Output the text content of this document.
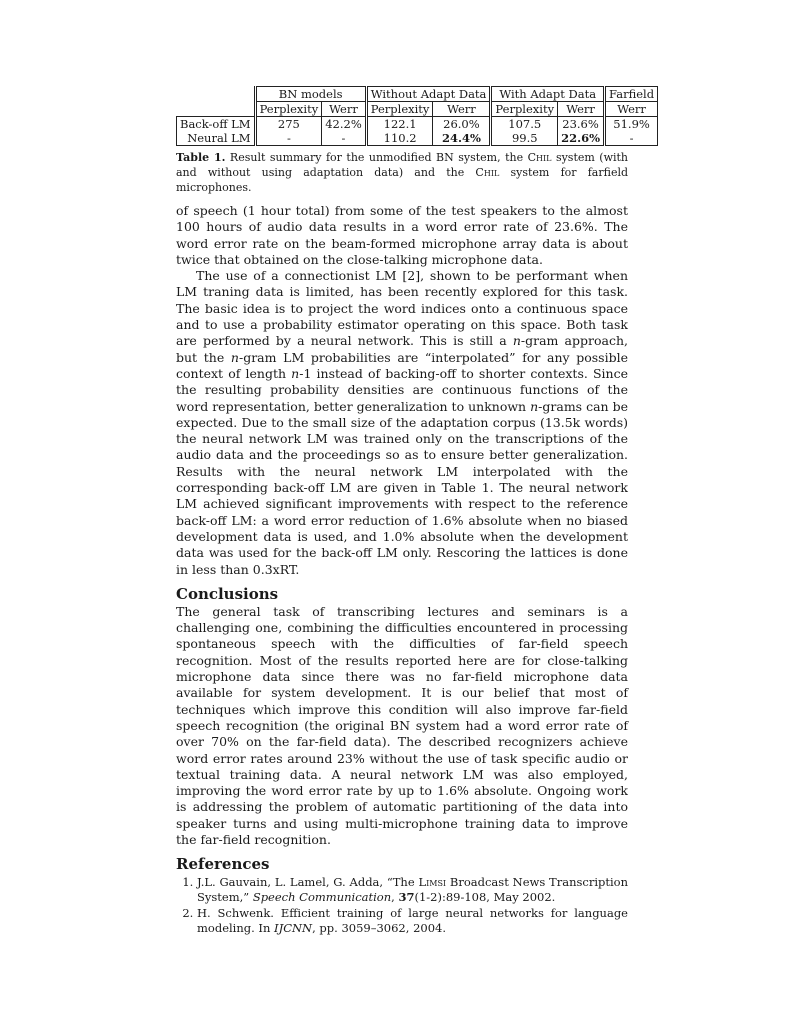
	BN models		Without Adapt Data		With Adapt Data		Farfield
	Perplexity	Werr	Perplexity	Werr	Perplexity	Werr	Werr
Back-off LM	275	42.2%	122.1	26.0%	107.5	23.6%	51.9%
Neural LM	-	-	110.2	24.4%	99.5	22.6%	-
Table 1. Result summary for the unmodified BN system, the Chil system (with and without using adaptation data) and the Chil system for farfield microphones.

of speech (1 hour total) from some of the test speakers to the almost 100 hours of audio data results in a word error rate of 23.6%. The word error rate on the beam-formed microphone array data is about twice that obtained on the close-talking microphone data.

The use of a connectionist LM [2], shown to be performant when LM traning data is limited, has been recently explored for this task. The basic idea is to project the word indices onto a continuous space and to use a probability estimator operating on this space. Both task are performed by a neural network. This is still a n-gram approach, but the n-gram LM probabilities are “interpolated” for any possible context of length n-1 instead of backing-off to shorter contexts. Since the resulting probability densities are continuous functions of the word representation, better generalization to unknown n-grams can be expected. Due to the small size of the adaptation corpus (13.5k words) the neural network LM was trained only on the transcriptions of the audio data and the proceedings so as to ensure better generalization. Results with the neural network LM interpolated with the corresponding back-off LM are given in Table 1. The neural network LM achieved significant improvements with respect to the reference back-off LM: a word error reduction of 1.6% absolute when no biased development data is used, and 1.0% absolute when the development data was used for the back-off LM only. Rescoring the lattices is done in less than 0.3xRT.

Conclusions

The general task of transcribing lectures and seminars is a challenging one, combining the difficulties encountered in processing spontaneous speech with the difficulties of far-field speech recognition. Most of the results reported here are for close-talking microphone data since there was no far-field microphone data available for system development. It is our belief that most of techniques which improve this condition will also improve far-field speech recognition (the original BN system had a word error rate of over 70% on the far-field data). The described recognizers achieve word error rates around 23% without the use of task specific audio or textual training data. A neural network LM was also employed, improving the word error rate by up to 1.6% absolute. Ongoing work is addressing the problem of automatic partitioning of the data into speaker turns and using multi-microphone training data to improve the far-field recognition.

References
1. J.L. Gauvain, L. Lamel, G. Adda, “The Limsi Broadcast News Transcription System,” Speech Communication, 37(1-2):89-108, May 2002.
2. H. Schwenk. Efficient training of large neural networks for language modeling. In IJCNN, pp. 3059–3062, 2004.
